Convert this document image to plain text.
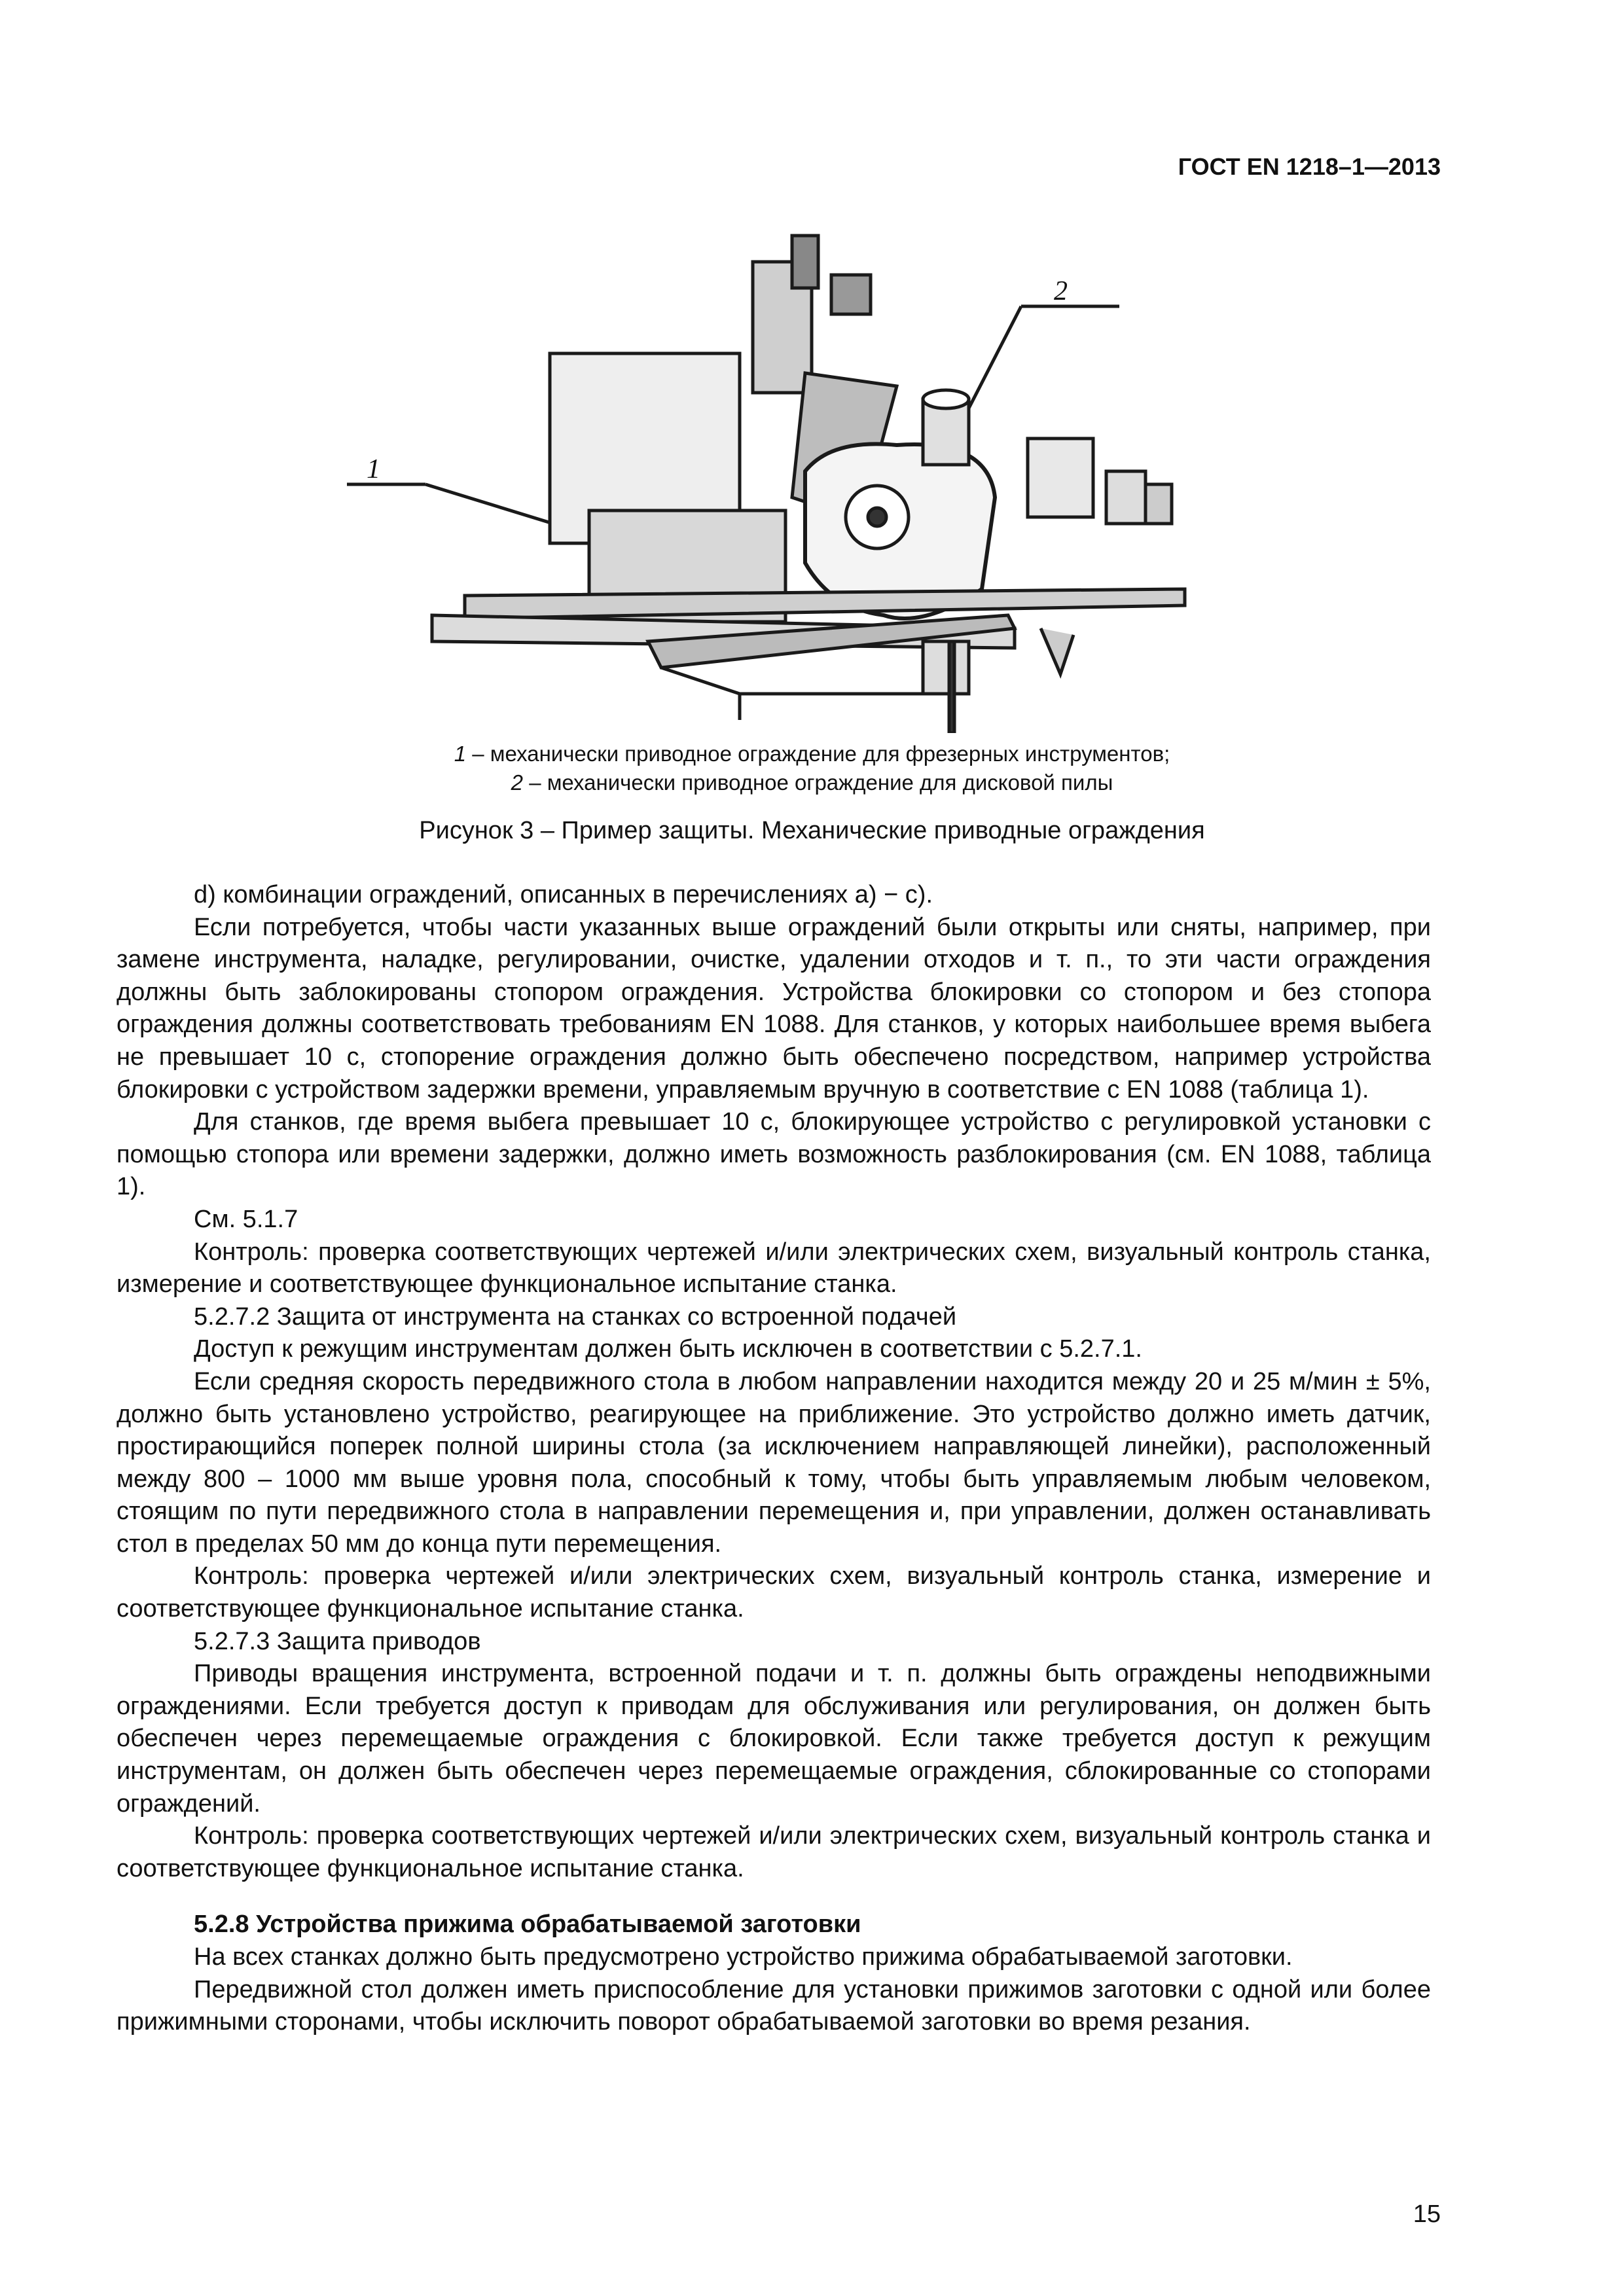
ГОСТ EN 1218–1—2013
1
2
1 – механически приводное ограждение для фрезерных инструментов;
2 – механически приводное ограждение для дисковой пилы
Рисунок 3 – Пример защиты. Механические приводные ограждения

d) комбинации ограждений, описанных в перечислениях a) − c).

Если потребуется, чтобы части указанных выше ограждений были открыты или сняты, например, при замене инструмента, наладке, регулировании, очистке, удалении отходов и т. п., то эти части ограждения должны быть заблокированы стопором ограждения. Устройства блокировки со стопором и без стопора ограждения должны соответствовать требованиям EN 1088. Для станков, у которых наибольшее время выбега не превышает 10 с, стопорение ограждения должно быть обеспечено посредством, например устройства блокировки с устройством задержки времени, управляемым вручную в соответствие с EN 1088 (таблица 1).

Для станков, где время выбега превышает 10 с, блокирующее устройство с регулировкой установки с помощью стопора или времени задержки, должно иметь возможность разблокирования (см. EN 1088, таблица 1).

См. 5.1.7

Контроль: проверка соответствующих чертежей и/или электрических схем, визуальный контроль станка, измерение и соответствующее функциональное испытание станка.

5.2.7.2 Защита от инструмента на станках со встроенной подачей

Доступ к режущим инструментам должен быть исключен в соответствии с 5.2.7.1.

Если средняя скорость передвижного стола в любом направлении находится между 20 и 25 м/мин ± 5%, должно быть установлено устройство, реагирующее на приближение. Это устройство должно иметь датчик, простирающийся поперек полной ширины стола (за исключением направляющей линейки), расположенный между 800 – 1000 мм выше уровня пола, способный к тому, чтобы быть управляемым любым человеком, стоящим по пути передвижного стола в направлении перемещения и, при управлении, должен останавливать стол в пределах 50 мм до конца пути перемещения.

Контроль: проверка чертежей и/или электрических схем, визуальный контроль станка, измерение и соответствующее функциональное испытание станка.

5.2.7.3 Защита приводов

Приводы вращения инструмента, встроенной подачи и т. п. должны быть ограждены неподвижными ограждениями. Если требуется доступ к приводам для обслуживания или регулирования, он должен быть обеспечен через перемещаемые ограждения с блокировкой. Если также требуется доступ к режущим инструментам, он должен быть обеспечен через перемещаемые ограждения, сблокированные со стопорами ограждений.

Контроль: проверка соответствующих чертежей и/или электрических схем, визуальный контроль станка и соответствующее функциональное испытание станка.

5.2.8 Устройства прижима обрабатываемой заготовки

На всех станках должно быть предусмотрено устройство прижима обрабатываемой заготовки.

Передвижной стол должен иметь приспособление для установки прижимов заготовки с одной или более прижимными сторонами, чтобы исключить поворот обрабатываемой заготовки во время резания.

15
